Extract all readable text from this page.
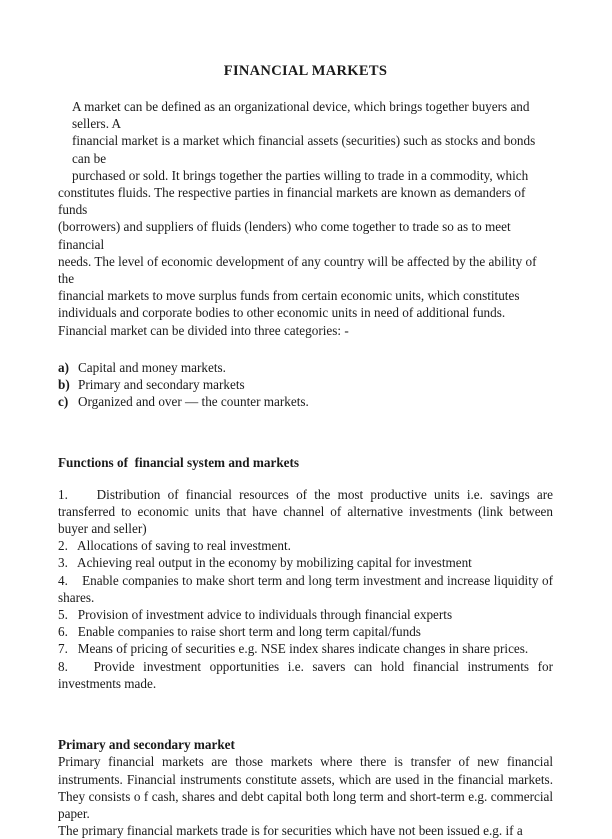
FINANCIAL MARKETS

A market can be defined as an organizational device, which brings together buyers and sellers. A
financial market is a market which financial assets (securities) such as stocks and bonds can be
purchased or sold. It brings together the parties willing to trade in a commodity, which
constitutes fluids. The respective parties in financial markets are known as demanders of funds
(borrowers) and suppliers of fluids (lenders) who come together to trade so as to meet financial
needs. The level of economic development of any country will be affected by the ability of the
financial markets to move surplus funds from certain economic units, which constitutes
individuals and corporate bodies to other economic units in need of additional funds.
Financial market can be divided into three categories: -

a) Capital and money markets.
b) Primary and secondary markets
c) Organized and over — the counter markets.
Functions of  financial system and markets
1.    Distribution of financial resources of the most productive units i.e. savings are transferred to economic units that have channel of alternative investments (link between buyer and seller)
2.   Allocations of saving to real investment.
3.   Achieving real output in the economy by mobilizing capital for investment
4.    Enable companies to make short term and long term investment and increase liquidity of shares.
5.   Provision of investment advice to individuals through financial experts
6.   Enable companies to raise short term and long term capital/funds
7.   Means of pricing of securities e.g. NSE index shares indicate changes in share prices.
8.   Provide investment opportunities i.e. savers can hold financial instruments for investments made.
Primary and secondary market

Primary financial markets are those markets where there is transfer of new financial instruments. Financial instruments constitute assets, which are used in the financial markets. They consists o f cash, shares and debt capital both long term and short-term e.g. commercial paper.

The primary financial markets trade is for securities which have not been issued e.g. if a
